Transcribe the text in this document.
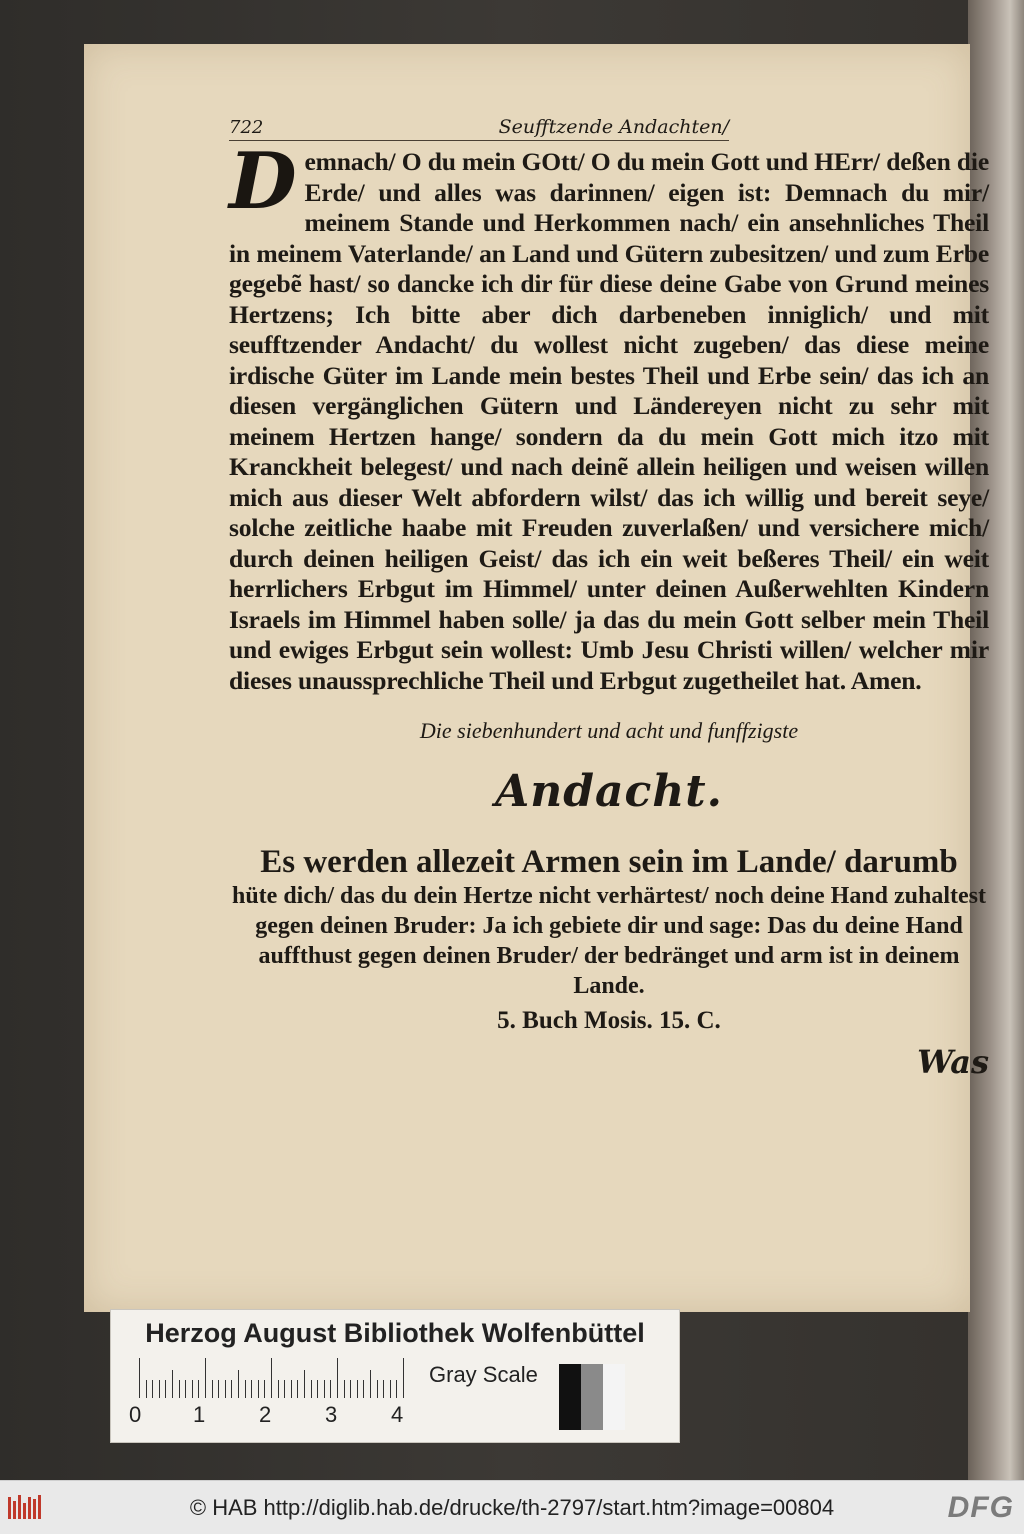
722	Seufftzende Andachten/
Demnach/ O du mein GOtt/ O du mein Gott und HErr/ deßen die Erde/ und alles was darinnen/ eigen ist: Demnach du mir/ meinem Stande und Herkommen nach/ ein ansehnliches Theil in meinem Vaterlande/ an Land und Gütern zubesitzen/ und zum Erbe gegebẽ hast/ so dancke ich dir für diese deine Gabe von Grund meines Hertzens; Ich bitte aber dich darbeneben inniglich/ und mit seufftzender Andacht/ du wollest nicht zugeben/ das diese meine irdische Güter im Lande mein bestes Theil und Erbe sein/ das ich an diesen vergänglichen Gütern und Ländereyen nicht zu sehr mit meinem Hertzen hange/ sondern da du mein Gott mich itzo mit Kranckheit belegest/ und nach deinẽ allein heiligen und weisen willen mich aus dieser Welt abfordern wilst/ das ich willig und bereit seye/ solche zeitliche haabe mit Freuden zuverlaßen/ und versichere mich/ durch deinen heiligen Geist/ das ich ein weit beßeres Theil/ ein weit herrlichers Erbgut im Himmel/ unter deinen Außerwehlten Kindern Israels im Himmel haben solle/ ja das du mein Gott selber mein Theil und ewiges Erbgut sein wollest: Umb Jesu Christi willen/ welcher mir dieses unaussprechliche Theil und Erbgut zugetheilet hat. Amen.
Die siebenhundert und acht und funffzigste
Andacht.
Es werden allezeit Armen sein im Lande/ darumb
hüte dich/ das du dein Hertze nicht verhärtest/ noch deine Hand zuhaltest gegen deinen Bruder: Ja ich gebiete dir und sage: Das du deine Hand auffthust gegen deinen Bruder/ der bedränget und arm ist in deinem Lande.
5. Buch Mosis. 15. C.
Was
Herzog August Bibliothek Wolfenbüttel
0 1 2 3 4
Gray Scale
© HAB http://diglib.hab.de/drucke/th-2797/start.htm?image=00804	DFG
